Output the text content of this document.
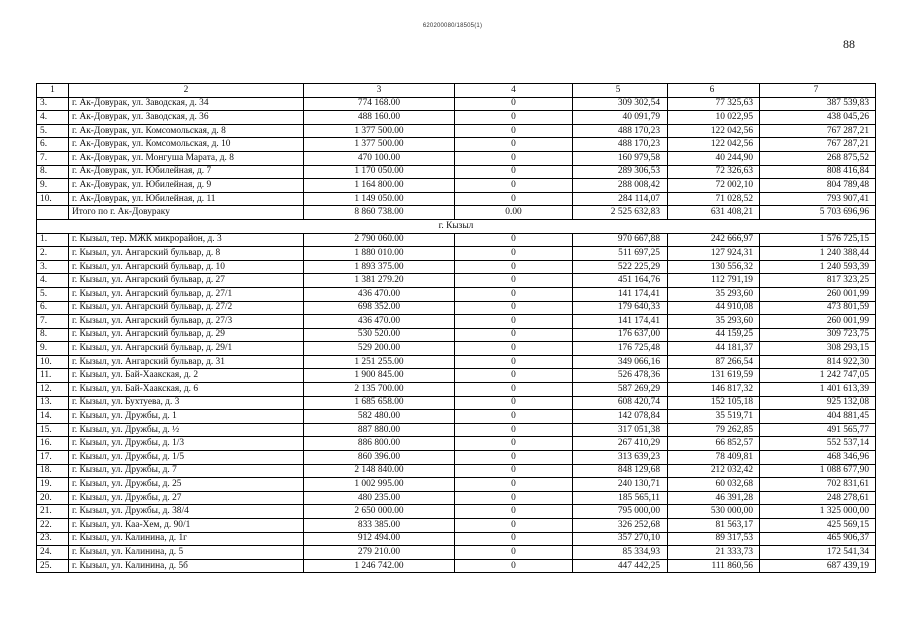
620200080/18505(1)
88
1	2	3	4	5	6	7
3.	г. Ак-Довурак, ул. Заводская, д. 34	774 168.00	0	309 302,54	77 325,63	387 539,83
4.	г. Ак-Довурак, ул. Заводская, д. 36	488 160.00	0	40 091,79	10 022,95	438 045,26
5.	г. Ак-Довурак, ул. Комсомольская, д. 8	1 377 500.00	0	488 170,23	122 042,56	767 287,21
6.	г. Ак-Довурак, ул. Комсомольская, д. 10	1 377 500.00	0	488 170,23	122 042,56	767 287,21
7.	г. Ак-Довурак, ул. Монгуша Марата, д. 8	470 100.00	0	160 979,58	40 244,90	268 875,52
8.	г. Ак-Довурак, ул. Юбилейная, д. 7	1 170 050.00	0	289 306,53	72 326,63	808 416,84
9.	г. Ак-Довурак, ул. Юбилейная, д. 9	1 164 800.00	0	288 008,42	72 002,10	804 789,48
10.	г. Ак-Довурак, ул. Юбилейная, д. 11	1 149 050.00	0	284 114,07	71 028,52	793 907,41
	Итого по г. Ак-Довураку	8 860 738.00	0.00	2 525 632,83	631 408,21	5 703 696,96
г. Кызыл						
1.	г. Кызыл, тер. МЖК микрорайон, д. 3	2 790 060.00	0	970 667,88	242 666,97	1 576 725,15
2.	г. Кызыл, ул. Ангарский бульвар, д. 8	1 880 010.00	0	511 697,25	127 924,31	1 240 388,44
3.	г. Кызыл, ул. Ангарский бульвар, д. 10	1 893 375.00	0	522 225,29	130 556,32	1 240 593,39
4.	г. Кызыл, ул. Ангарский бульвар, д. 27	1 381 279.20	0	451 164,76	112 791,19	817 323,25
5.	г. Кызыл, ул. Ангарский бульвар, д. 27/1	436 470.00	0	141 174,41	35 293,60	260 001,99
6.	г. Кызыл, ул. Ангарский бульвар, д. 27/2	698 352.00	0	179 640,33	44 910,08	473 801,59
7.	г. Кызыл, ул. Ангарский бульвар, д. 27/3	436 470.00	0	141 174,41	35 293,60	260 001,99
8.	г. Кызыл, ул. Ангарский бульвар, д. 29	530 520.00	0	176 637,00	44 159,25	309 723,75
9.	г. Кызыл, ул. Ангарский бульвар, д. 29/1	529 200.00	0	176 725,48	44 181,37	308 293,15
10.	г. Кызыл, ул. Ангарский бульвар, д. 31	1 251 255.00	0	349 066,16	87 266,54	814 922,30
11.	г. Кызыл, ул. Бай-Хаакская, д. 2	1 900 845.00	0	526 478,36	131 619,59	1 242 747,05
12.	г. Кызыл, ул. Бай-Хаакская, д. 6	2 135 700.00	0	587 269,29	146 817,32	1 401 613,39
13.	г. Кызыл, ул. Бухтуева, д. 3	1 685 658.00	0	608 420,74	152 105,18	925 132,08
14.	г. Кызыл, ул. Дружбы, д. 1	582 480.00	0	142 078,84	35 519,71	404 881,45
15.	г. Кызыл, ул. Дружбы, д. ½	887 880.00	0	317 051,38	79 262,85	491 565,77
16.	г. Кызыл, ул. Дружбы, д. 1/3	886 800.00	0	267 410,29	66 852,57	552 537,14
17.	г. Кызыл, ул. Дружбы, д. 1/5	860 396.00	0	313 639,23	78 409,81	468 346,96
18.	г. Кызыл, ул. Дружбы, д. 7	2 148 840.00	0	848 129,68	212 032,42	1 088 677,90
19.	г. Кызыл, ул. Дружбы, д. 25	1 002 995.00	0	240 130,71	60 032,68	702 831,61
20.	г. Кызыл, ул. Дружбы, д. 27	480 235.00	0	185 565,11	46 391,28	248 278,61
21.	г. Кызыл, ул. Дружбы, д. 38/4	2 650 000.00	0	795 000,00	530 000,00	1 325 000,00
22.	г. Кызыл, ул. Каа-Хем, д. 90/1	833 385.00	0	326 252,68	81 563,17	425 569,15
23.	г. Кызыл, ул. Калинина, д. 1г	912 494.00	0	357 270,10	89 317,53	465 906,37
24.	г. Кызыл, ул. Калинина, д. 5	279 210.00	0	85 334,93	21 333,73	172 541,34
25.	г. Кызыл, ул. Калинина, д. 5б	1 246 742.00	0	447 442,25	111 860,56	687 439,19
